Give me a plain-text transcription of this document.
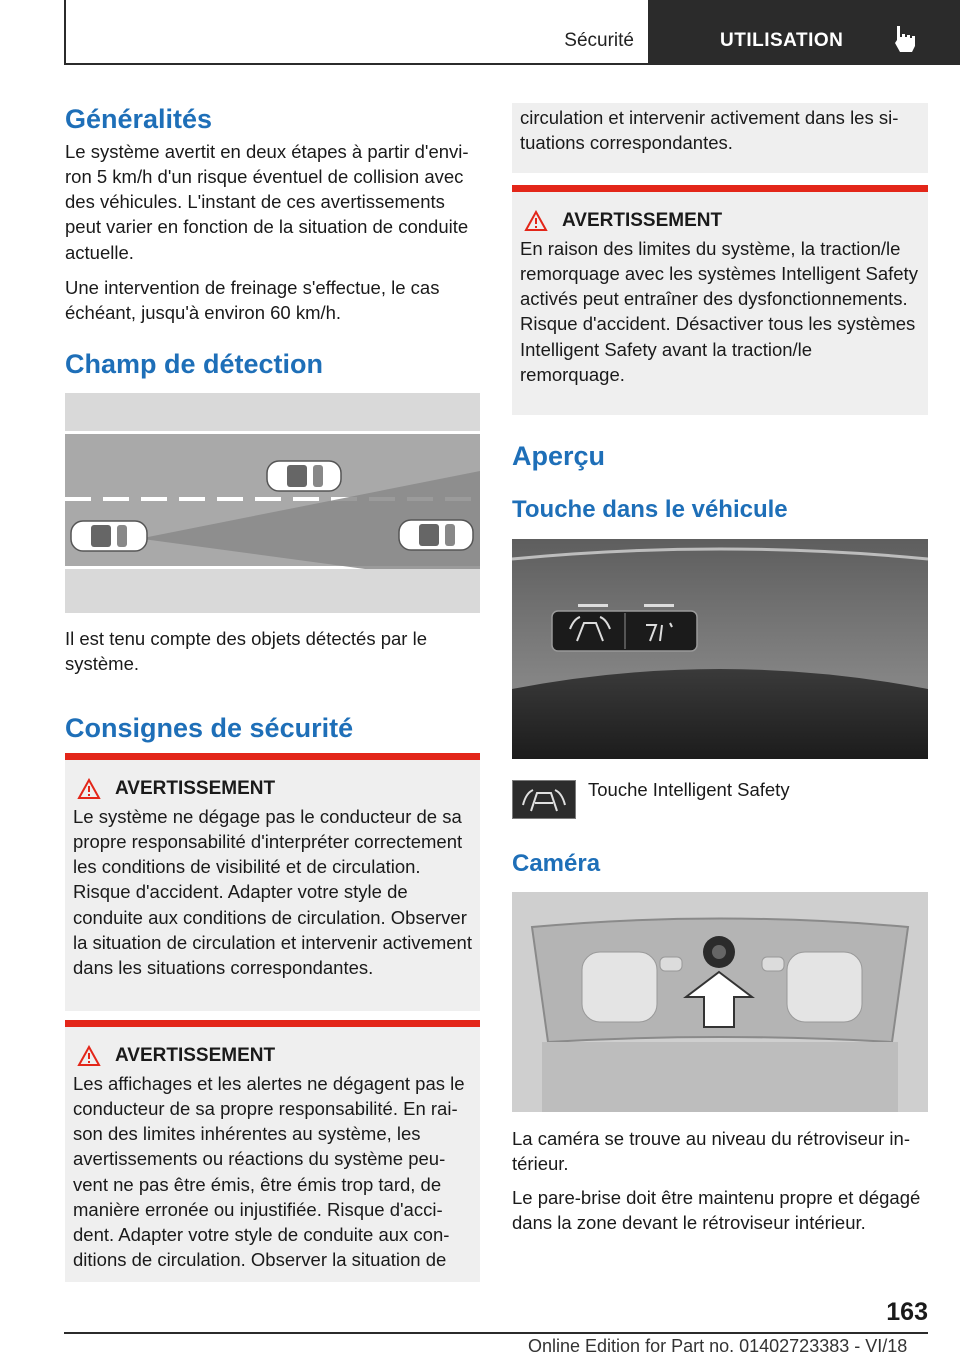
Sécurité	UTILISATION
Généralités

Le système avertit en deux étapes à partir d'environ 5 km/h d'un risque éventuel de collision avec des véhicules. L'instant de ces avertissements peut varier en fonction de la situation de conduite actuelle.

Une intervention de freinage s'effectue, le cas échéant, jusqu'à environ 60 km/h.

Champ de détection

Il est tenu compte des objets détectés par le système.

Consignes de sécurité
AVERTISSEMENT

Le système ne dégage pas le conducteur de sa propre responsabilité d'interpréter correctement les conditions de visibilité et de circulation. Risque d'accident. Adapter votre style de conduite aux conditions de circulation. Observer la situation de circulation et intervenir activement dans les situations correspondantes.

AVERTISSEMENT

Les affichages et les alertes ne dégagent pas le conducteur de sa propre responsabilité. En raison des limites inhérentes au système, les avertissements ou réactions du système peuvent ne pas être émis, être émis trop tard, de manière erronée ou injustifiée. Risque d'accident. Adapter votre style de conduite aux conditions de circulation. Observer la situation de

circulation et intervenir activement dans les situations correspondantes.

AVERTISSEMENT

En raison des limites du système, la traction/le remorquage avec les systèmes Intelligent Safety activés peut entraîner des dysfonctionnements. Risque d'accident. Désactiver tous les systèmes Intelligent Safety avant la traction/le remorquage.

Aperçu
Touche dans le véhicule

Touche Intelligent Safety

Caméra

La caméra se trouve au niveau du rétroviseur intérieur.

Le pare-brise doit être maintenu propre et dégagé dans la zone devant le rétroviseur intérieur.

163
Online Edition for Part no. 01402723383 - VI/18
